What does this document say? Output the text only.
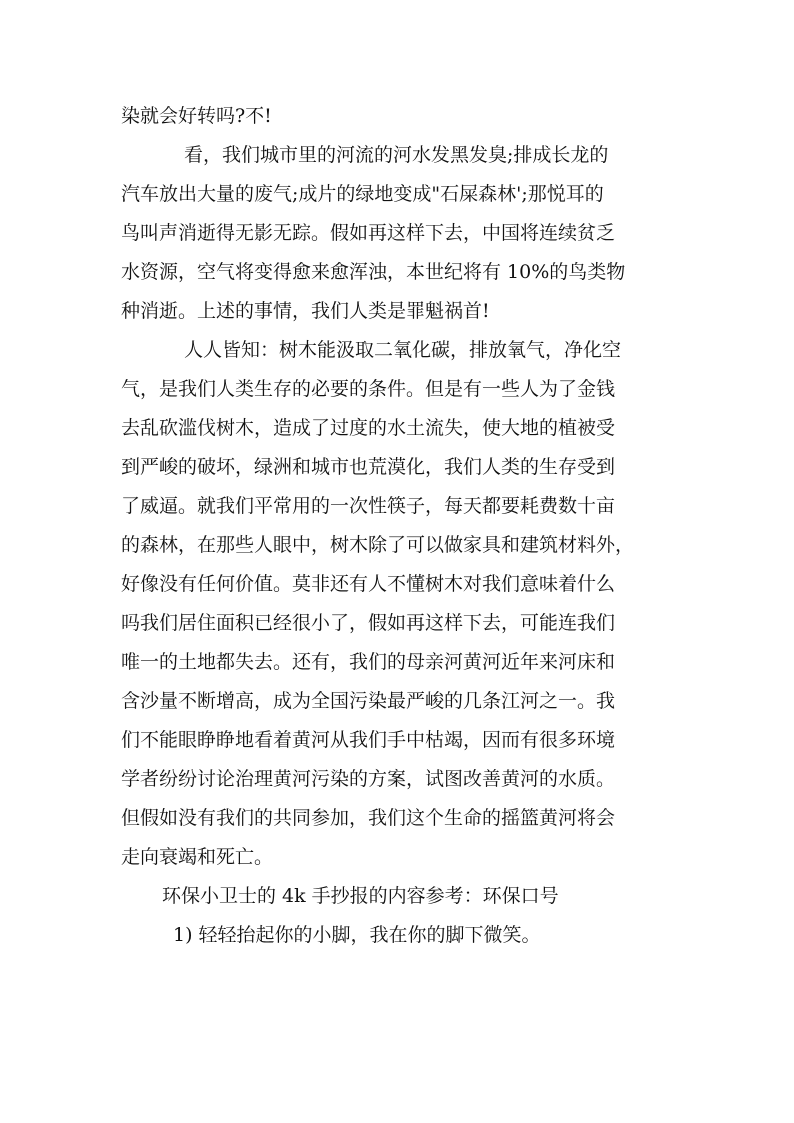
染就会好转吗?不!
看，我们城市里的河流的河水发黑发臭;排成长龙的
汽车放出大量的废气;成片的绿地变成"石屎森林';那悦耳的
鸟叫声消逝得无影无踪。假如再这样下去，中国将连续贫乏
水资源，空气将变得愈来愈浑浊，本世纪将有 10%的鸟类物
种消逝。上述的事情，我们人类是罪魁祸首!
人人皆知：树木能汲取二氧化碳，排放氧气，净化空
气，是我们人类生存的必要的条件。但是有一些人为了金钱
去乱砍滥伐树木，造成了过度的水土流失，使大地的植被受
到严峻的破坏，绿洲和城市也荒漠化，我们人类的生存受到
了威逼。就我们平常用的一次性筷子，每天都要耗费数十亩
的森林，在那些人眼中，树木除了可以做家具和建筑材料外，
好像没有任何价值。莫非还有人不懂树木对我们意味着什么
吗我们居住面积已经很小了，假如再这样下去，可能连我们
唯一的土地都失去。还有，我们的母亲河黄河近年来河床和
含沙量不断增高，成为全国污染最严峻的几条江河之一。我
们不能眼睁睁地看着黄河从我们手中枯竭，因而有很多环境
学者纷纷讨论治理黄河污染的方案，试图改善黄河的水质。
但假如没有我们的共同参加，我们这个生命的摇篮黄河将会
走向衰竭和死亡。
环保小卫士的 4k 手抄报的内容参考：环保口号
1) 轻轻抬起你的小脚，我在你的脚下微笑。
